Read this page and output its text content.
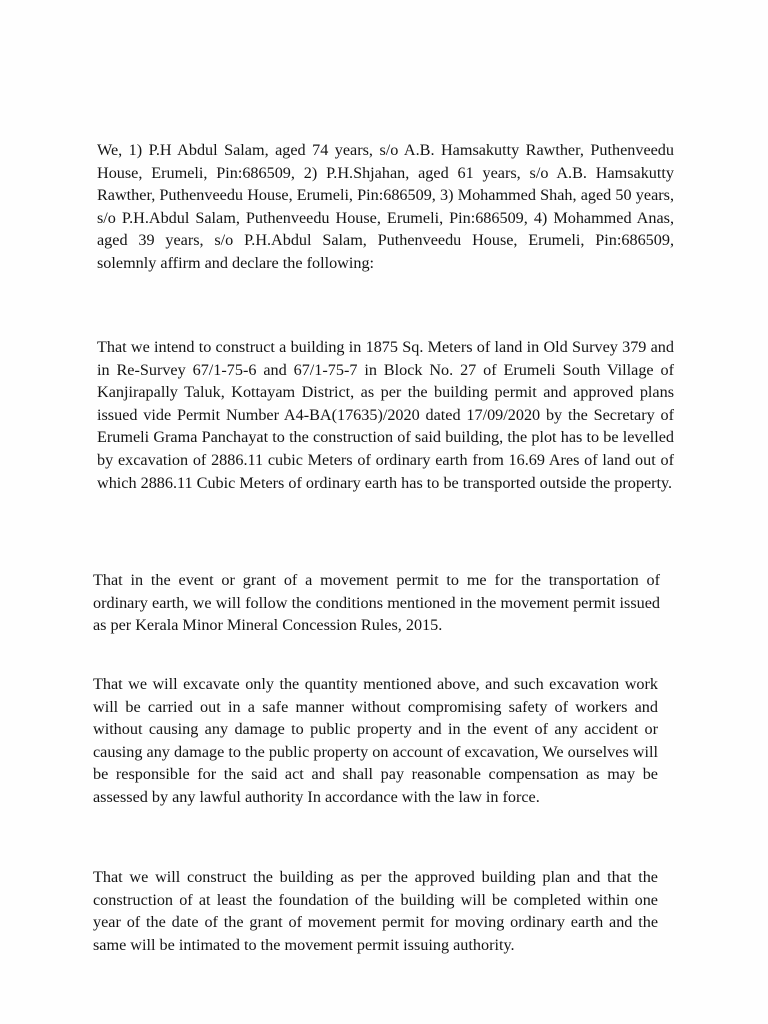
We, 1) P.H Abdul Salam, aged 74 years, s/o A.B. Hamsakutty Rawther, Puthenveedu House, Erumeli, Pin:686509, 2) P.H.Shjahan, aged 61 years, s/o A.B. Hamsakutty Rawther, Puthenveedu House, Erumeli, Pin:686509, 3) Mohammed Shah, aged 50 years, s/o P.H.Abdul Salam, Puthenveedu House, Erumeli, Pin:686509, 4) Mohammed Anas, aged 39 years, s/o P.H.Abdul Salam, Puthenveedu House, Erumeli, Pin:686509, solemnly affirm and declare the following:

That we intend to construct a building in 1875 Sq. Meters of land in Old Survey 379 and in Re-Survey 67/1-75-6 and 67/1-75-7 in Block No. 27 of Erumeli South Village of Kanjirapally Taluk, Kottayam District, as per the building permit and approved plans issued vide Permit Number A4-BA(17635)/2020 dated 17/09/2020 by the Secretary of Erumeli Grama Panchayat to the construction of said building, the plot has to be levelled by excavation of 2886.11 cubic Meters of ordinary earth from 16.69 Ares of land out of which 2886.11 Cubic Meters of ordinary earth has to be transported outside the property.

That in the event or grant of a movement permit to me for the transportation of ordinary earth, we will follow the conditions mentioned in the movement permit issued as per Kerala Minor Mineral Concession Rules, 2015.

That we will excavate only the quantity mentioned above, and such excavation work will be carried out in a safe manner without compromising safety of workers and without causing any damage to public property and in the event of any accident or causing any damage to the public property on account of excavation, We ourselves will be responsible for the said act and shall pay reasonable compensation as may be assessed by any lawful authority In accordance with the law in force.

That we will construct the building as per the approved building plan and that the construction of at least the foundation of the building will be completed within one year of the date of the grant of movement permit for moving ordinary earth and the same will be intimated to the movement permit issuing authority.
